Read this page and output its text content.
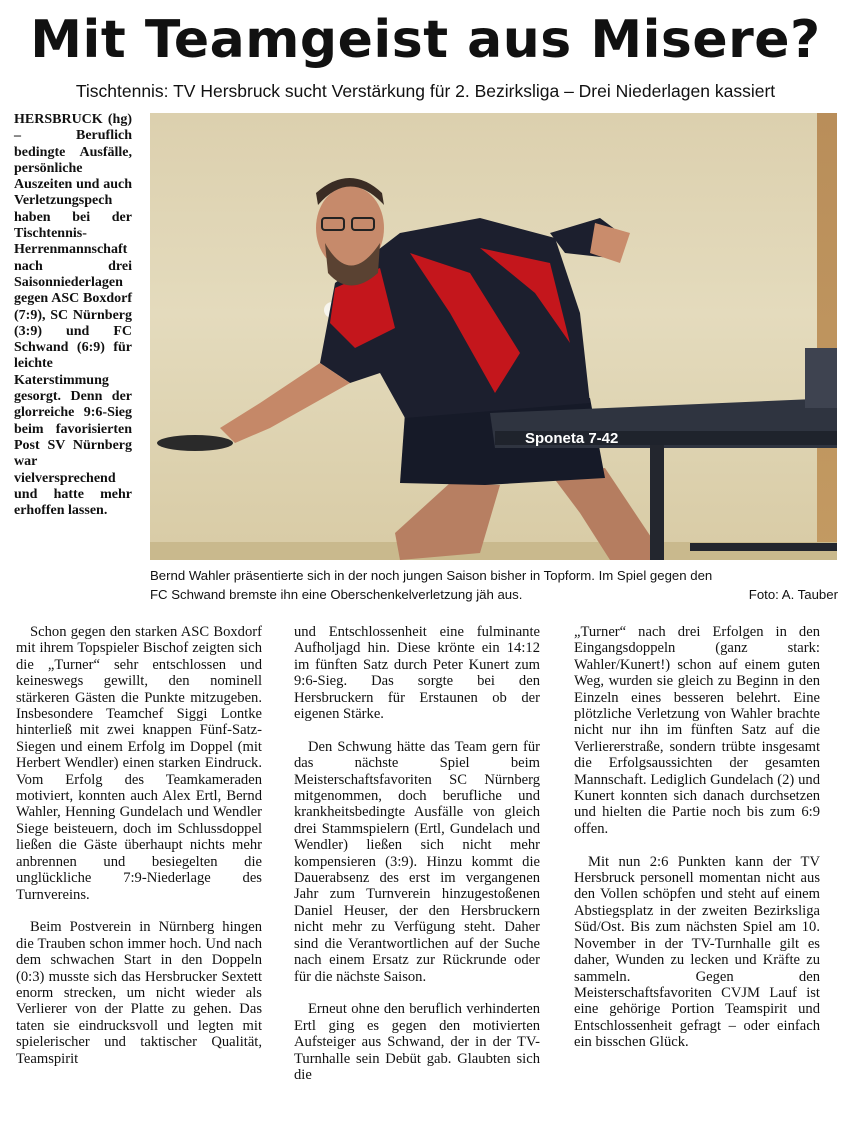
Mit Teamgeist aus Misere?
Tischtennis: TV Hersbruck sucht Verstärkung für 2. Bezirksliga – Drei Niederlagen kassiert
HERSBRUCK (hg) – Beruflich bedingte Ausfälle, persönliche Auszeiten und auch Verletzungspech haben bei der Tischtennis-Herrenmannschaft nach drei Saisonniederlagen gegen ASC Boxdorf (7:9), SC Nürnberg (3:9) und FC Schwand (6:9) für leichte Katerstimmung gesorgt. Denn der glorreiche 9:6-Sieg beim favorisierten Post SV Nürnberg war vielversprechend und hatte mehr erhoffen lassen.
Sponeta 7-42
Bernd Wahler präsentierte sich in der noch jungen Saison bisher in Topform. Im Spiel gegen den
FC Schwand bremste ihn eine Oberschenkelverletzung jäh aus.	Foto: A. Tauber

Schon gegen den starken ASC Boxdorf mit ihrem Topspieler Bischof zeigten sich die „Turner“ sehr entschlossen und keineswegs gewillt, den nominell stärkeren Gästen die Punkte mitzugeben. Insbesondere Teamchef Siggi Lontke hinterließ mit zwei knappen Fünf-Satz-Siegen und einem Erfolg im Doppel (mit Herbert Wendler) einen starken Eindruck. Vom Erfolg des Teamkameraden motiviert, konnten auch Alex Ertl, Bernd Wahler, Henning Gundelach und Wendler Siege beisteuern, doch im Schlussdoppel ließen die Gäste überhaupt nichts mehr anbrennen und besiegelten die unglückliche 7:9-Niederlage des Turnvereins.

Beim Postverein in Nürnberg hingen die Trauben schon immer hoch. Und nach dem schwachen Start in den Doppeln (0:3) musste sich das Hersbrucker Sextett enorm strecken, um nicht wieder als Verlierer von der Platte zu gehen. Das taten sie eindrucksvoll und legten mit spielerischer und taktischer Qualität, Teamspirit

und Entschlossenheit eine fulminante Aufholjagd hin. Diese krönte ein 14:12 im fünften Satz durch Peter Kunert zum 9:6-Sieg. Das sorgte bei den Hersbruckern für Erstaunen ob der eigenen Stärke.

Den Schwung hätte das Team gern für das nächste Spiel beim Meisterschaftsfavoriten SC Nürnberg mitgenommen, doch berufliche und krankheitsbedingte Ausfälle von gleich drei Stammspielern (Ertl, Gundelach und Wendler) ließen sich nicht mehr kompensieren (3:9). Hinzu kommt die Dauerabsenz des erst im vergangenen Jahr zum Turnverein hinzugestoßenen Daniel Heuser, der den Hersbruckern nicht mehr zu Verfügung steht. Daher sind die Verantwortlichen auf der Suche nach einem Ersatz zur Rückrunde oder für die nächste Saison.

Erneut ohne den beruflich verhinderten Ertl ging es gegen den motivierten Aufsteiger aus Schwand, der in der TV-Turnhalle sein Debüt gab. Glaubten sich die

„Turner“ nach drei Erfolgen in den Eingangsdoppeln (ganz stark: Wahler/Kunert!) schon auf einem guten Weg, wurden sie gleich zu Beginn in den Einzeln eines besseren belehrt. Eine plötzliche Verletzung von Wahler brachte nicht nur ihn im fünften Satz auf die Verliererstraße, sondern trübte insgesamt die Erfolgsaussichten der gesamten Mannschaft. Lediglich Gundelach (2) und Kunert konnten sich danach durchsetzen und hielten die Partie noch bis zum 6:9 offen.

Mit nun 2:6 Punkten kann der TV Hersbruck personell momentan nicht aus den Vollen schöpfen und steht auf einem Abstiegsplatz in der zweiten Bezirksliga Süd/Ost. Bis zum nächsten Spiel am 10. November in der TV-Turnhalle gilt es daher, Wunden zu lecken und Kräfte zu sammeln. Gegen den Meisterschaftsfavoriten CVJM Lauf ist eine gehörige Portion Teamspirit und Entschlossenheit gefragt – oder einfach ein bisschen Glück.
